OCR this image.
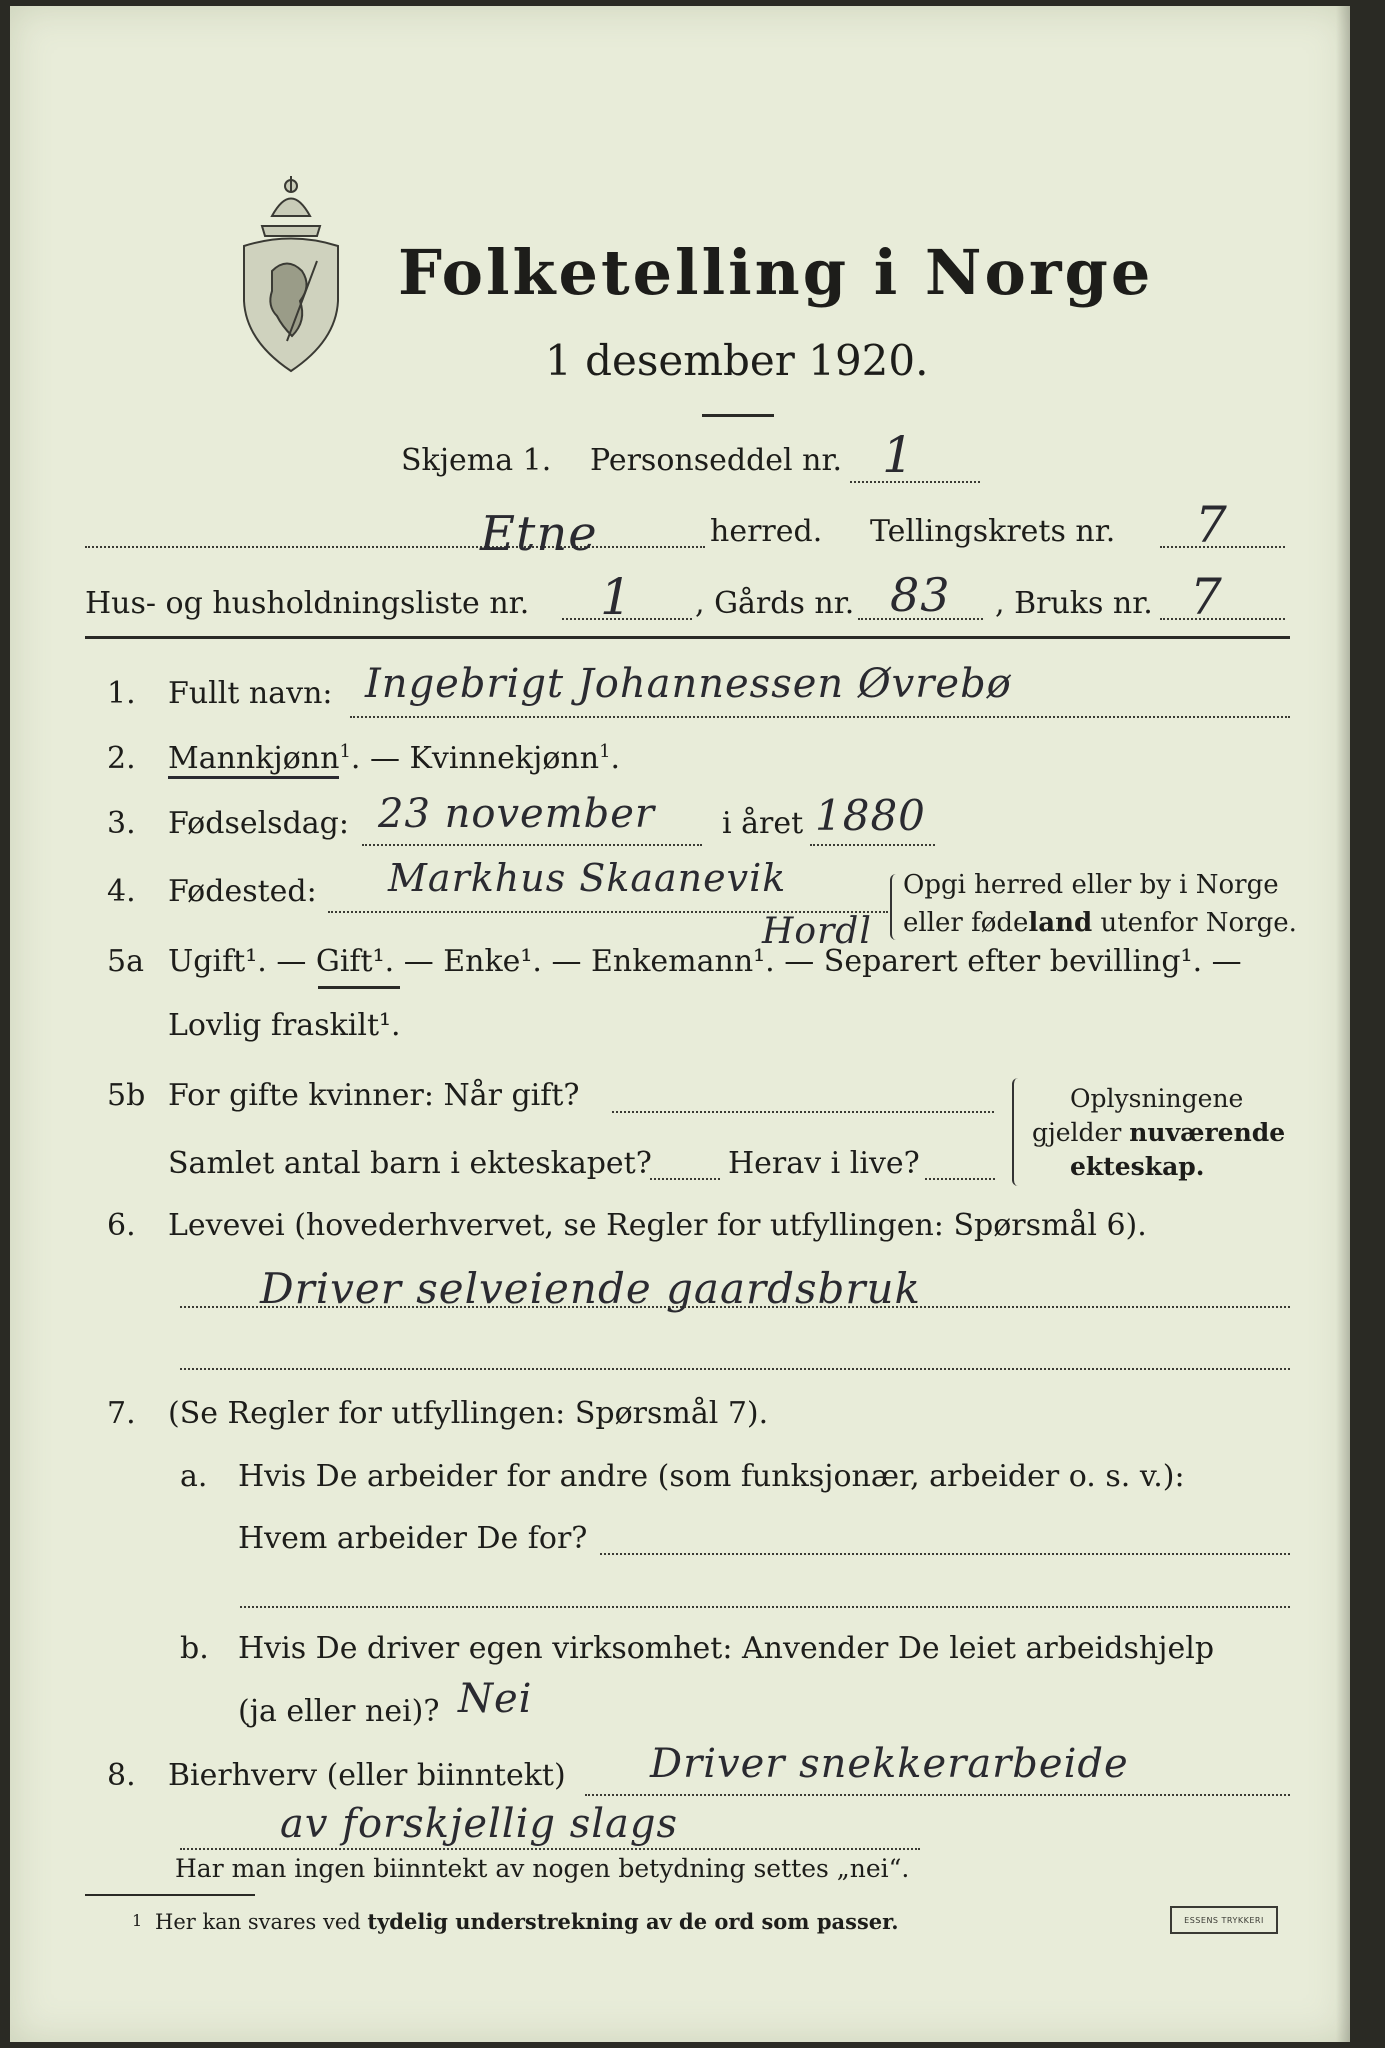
Folketelling i Norge
1 desember 1920.
Skjema 1. Personseddel nr. 1
Etne	herred. Tellingskrets nr. 7
Hus- og husholdningsliste nr. 1 , Gårds nr. 83 , Bruks nr. 7
1. Fullt navn: Ingebrigt Johannessen Øvrebø
2. Mannkjønn$^1$. — Kvinnekjønn$^1$.
3. Fødselsdag: 23 november i året 1880
4. Fødested: Markhus Skaanevik
Hordl
Opgi herred eller by i Norge
eller fødeland utenfor Norge.
5a Ugift¹. — Gift¹. — Enke¹. — Enkemann¹. — Separert efter bevilling¹. —
Lovlig fraskilt¹.
5b For gifte kvinner: Når gift?
Samlet antal barn i ekteskapet?	Herav i live?
Oplysningene
gjelder nuværende
ekteskap.
6. Levevei (hovederhvervet, se Regler for utfyllingen: Spørsmål 6).
Driver selveiende gaardsbruk
7. (Se Regler for utfyllingen: Spørsmål 7).
a. Hvis De arbeider for andre (som funksjonær, arbeider o. s. v.):
Hvem arbeider De for?
b. Hvis De driver egen virksomhet: Anvender De leiet arbeidshjelp
(ja eller nei)? Nei
8. Bierhverv (eller biinntekt) Driver snekkerarbeide
av forskjellig slags
Har man ingen biinntekt av nogen betydning settes „nei“.
1 Her kan svares ved tydelig understrekning av de ord som passer.	ESSENS TRYKKERI
